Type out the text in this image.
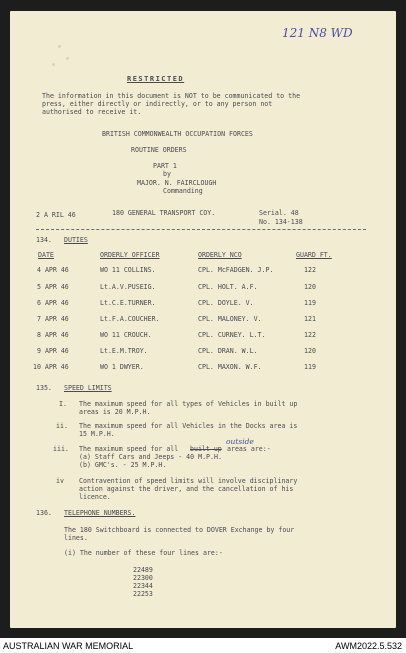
121 N8 WD
RESTRICTED
The information in this document is NOT to be communicated to the
press, either directly or indirectly, or to any person not
authorised to receive it.
BRITISH COMMONWEALTH OCCUPATION FORCES
ROUTINE ORDERS
PART 1
by
MAJOR. N. FAIRCLOUGH
Commanding
2 A RIL 46	180 GENERAL TRANSPORT COY.	Serial. 48
No. 134-138
134. DUTIES
DATE	ORDERLY OFFICER	ORDERLY NCO	GUARD FT.
4 APR 46	WO 11 COLLINS.	CPL. McFADGEN. J.P.	122
5 APR 46	Lt.A.V.PUSEIG.	CPL. HOLT. A.F.	120
6 APR 46	Lt.C.E.TURNER.	CPL. DOYLE. V.	119
7 APR 46	Lt.F.A.COUCHER.	CPL. MALONEY. V.	121
8 APR 46	WO 11 CROUCH.	CPL. CURNEY. L.T.	122
9 APR 46	Lt.E.M.TROY.	CPL. DRAN. W.L.	120
10 APR 46	WO 1 DWYER.	CPL. MAXON. W.F.	119
135. SPEED LIMITS
I. The maximum speed for all types of Vehicles in built up
areas is 20 M.P.H.
ii. The maximum speed for all Vehicles in the Docks area is
15 M.P.H.
outside
iii. The maximum speed for all built up areas are:-
(a) Staff Cars and Jeeps - 40 M.P.H.
(b) GMC's. - 25 M.P.H.
iv Contravention of speed limits will involve disciplinary
action against the driver, and the cancellation of his
licence.
136. TELEPHONE NUMBERS.
The 180 Switchboard is connected to DOVER Exchange by four
lines.
(i) The number of these four lines are:-
22489
22300
22344
22253
AUSTRALIAN WAR MEMORIAL	AWM2022.5.532
